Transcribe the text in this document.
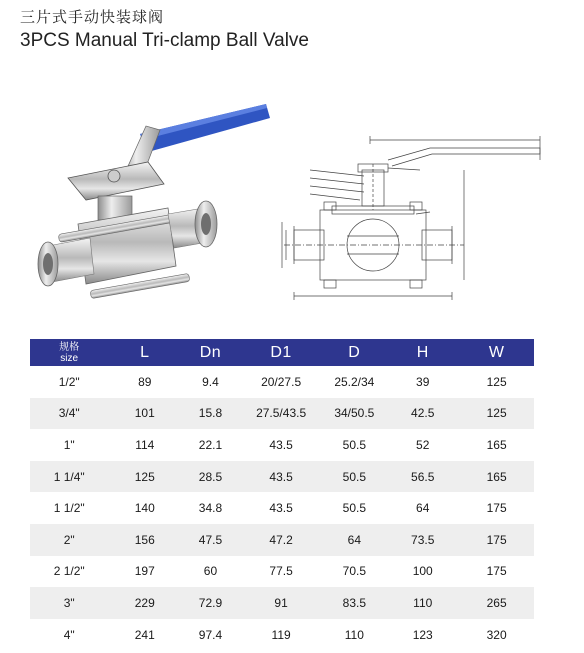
三片式手动快装球阀
3PCS Manual Tri-clamp Ball Valve
规格
size	L	Dn	D1	D	H	W
1/2"	89	9.4	20/27.5	25.2/34	39	125
3/4"	101	15.8	27.5/43.5	34/50.5	42.5	125
1"	114	22.1	43.5	50.5	52	165
1 1/4"	125	28.5	43.5	50.5	56.5	165
1 1/2"	140	34.8	43.5	50.5	64	175
2"	156	47.5	47.2	64	73.5	175
2 1/2"	197	60	77.5	70.5	100	175
3"	229	72.9	91	83.5	110	265
4"	241	97.4	119	110	123	320
